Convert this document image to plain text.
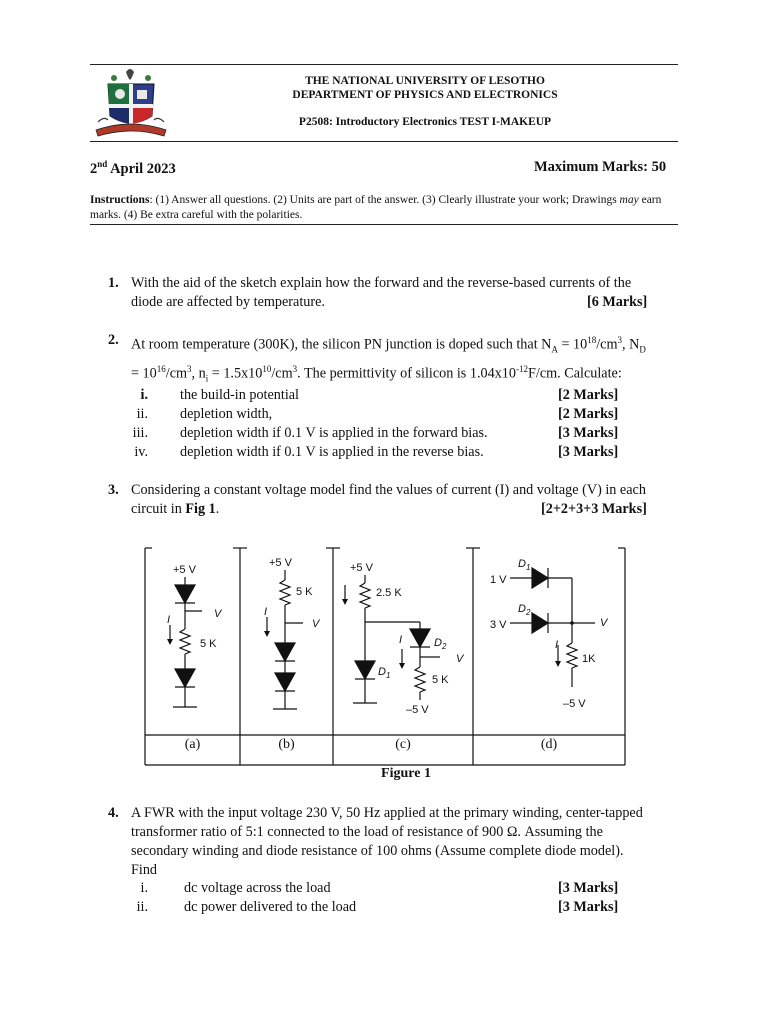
THE NATIONAL UNIVERSITY OF LESOTHO
DEPARTMENT OF PHYSICS AND ELECTRONICS
P2508: Introductory Electronics TEST I-MAKEUP
2nd April 2023	Maximum Marks: 50
Instructions: (1) Answer all questions. (2) Units are part of the answer. (3) Clearly illustrate your work; Drawings may earn marks. (4) Be extra careful with the polarities.
1. With the aid of the sketch explain how the forward and the reverse-based currents of the
diode are affected by temperature.	[6 Marks]
2. At room temperature (300K), the silicon PN junction is doped such that $N_A = 10^{18}/cm^3$, $N_D$
= $10^{16}/cm^3$, $n_i = 1.5x10^{10}/cm^3$. The permittivity of silicon is $1.04x10^{-12}F/cm$. Calculate:
i. the build-in potential	[2 Marks]
ii. depletion width,	[2 Marks]
iii. depletion width if 0.1 V is applied in the forward bias.	[3 Marks]
iv. depletion width if 0.1 V is applied in the reverse bias.	[3 Marks]
3. Considering a constant voltage model find the values of current (I) and voltage (V) in each
circuit in Fig 1.	[2+2+3+3 Marks]
+5 V
V
I
5 K
+5 V
5 K
V
I
+5 V
2.5 K
$D_2$
I
V
$D_1$	5 K
–5 V
$D_1$
1 V
$D_2$
3 V	V
I
1K
–5 V
(a)	(b)	(c)	(d)
Figure 1
4. A FWR with the input voltage 230 V, 50 Hz applied at the primary winding, center-tapped
transformer ratio of 5:1 connected to the load of resistance of 900 Ω. Assuming the
secondary winding and diode resistance of 100 ohms (Assume complete diode model).
Find
i.	dc voltage across the load	[3 Marks]
ii.	dc power delivered to the load	[3 Marks]
